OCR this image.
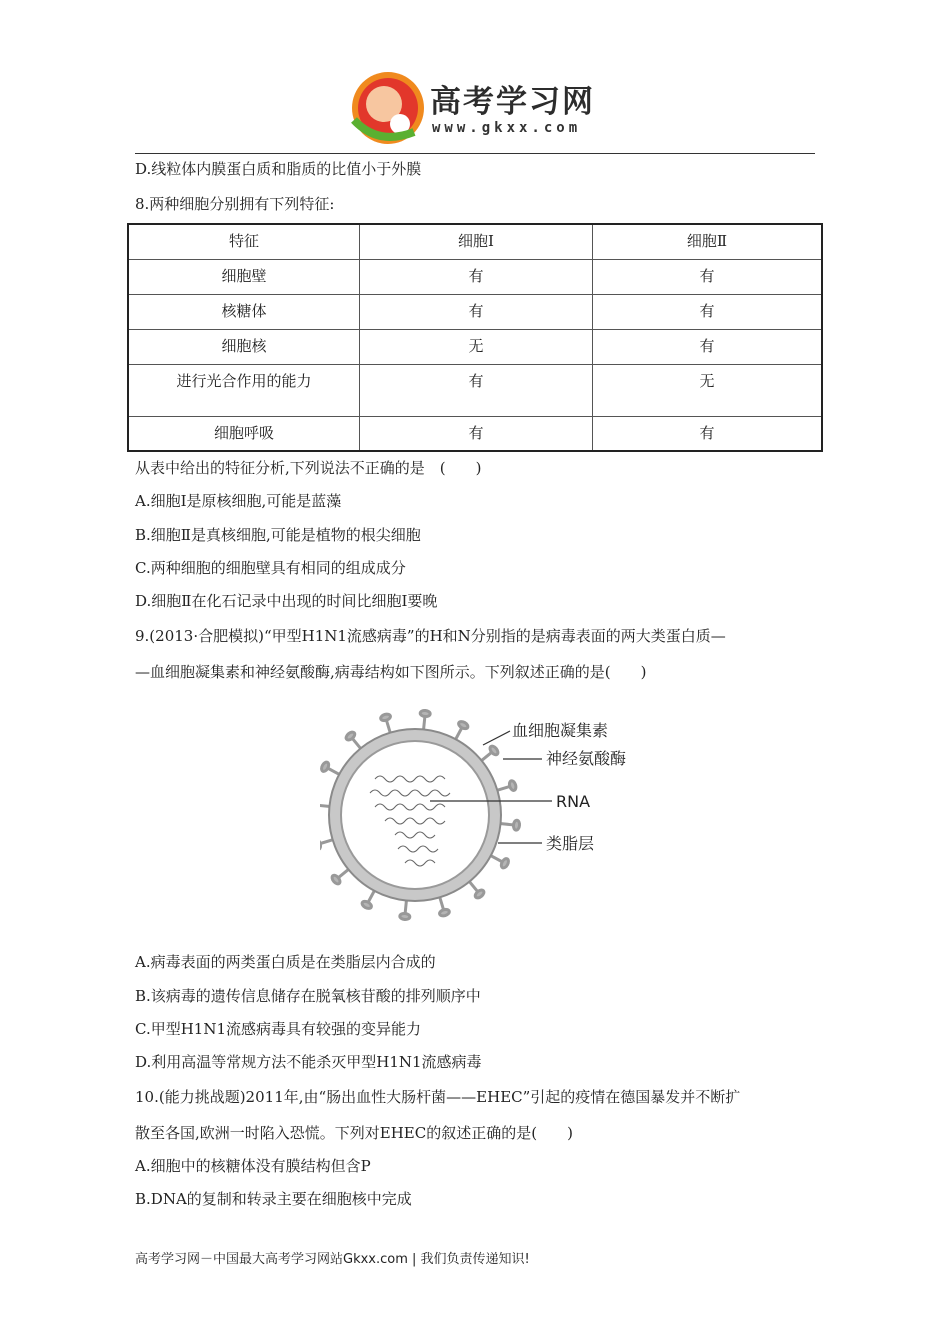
高考学习网
www.gkxx.com
D.线粒体内膜蛋白质和脂质的比值小于外膜
8.两种细胞分别拥有下列特征:
特征	细胞Ⅰ	细胞Ⅱ
细胞壁	有	有
核糖体	有	有
细胞核	无	有
进行光合作用的能力	有	无
细胞呼吸	有	有
从表中给出的特征分析,下列说法不正确的是　(　　)
A.细胞Ⅰ是原核细胞,可能是蓝藻
B.细胞Ⅱ是真核细胞,可能是植物的根尖细胞
C.两种细胞的细胞壁具有相同的组成成分
D.细胞Ⅱ在化石记录中出现的时间比细胞Ⅰ要晚
9.(2013·合肥模拟)“甲型H1N1流感病毒”的H和N分别指的是病毒表面的两大类蛋白质—
—血细胞凝集素和神经氨酸酶,病毒结构如下图所示。下列叙述正确的是(　　)
血细胞凝集素
神经氨酸酶
RNA
类脂层
A.病毒表面的两类蛋白质是在类脂层内合成的
B.该病毒的遗传信息储存在脱氧核苷酸的排列顺序中
C.甲型H1N1流感病毒具有较强的变异能力
D.利用高温等常规方法不能杀灭甲型H1N1流感病毒
10.(能力挑战题)2011年,由“肠出血性大肠杆菌——EHEC”引起的疫情在德国暴发并不断扩
散至各国,欧洲一时陷入恐慌。下列对EHEC的叙述正确的是(　　)
A.细胞中的核糖体没有膜结构但含P
B.DNA的复制和转录主要在细胞核中完成
高考学习网－中国最大高考学习网站Gkxx.com | 我们负责传递知识!
